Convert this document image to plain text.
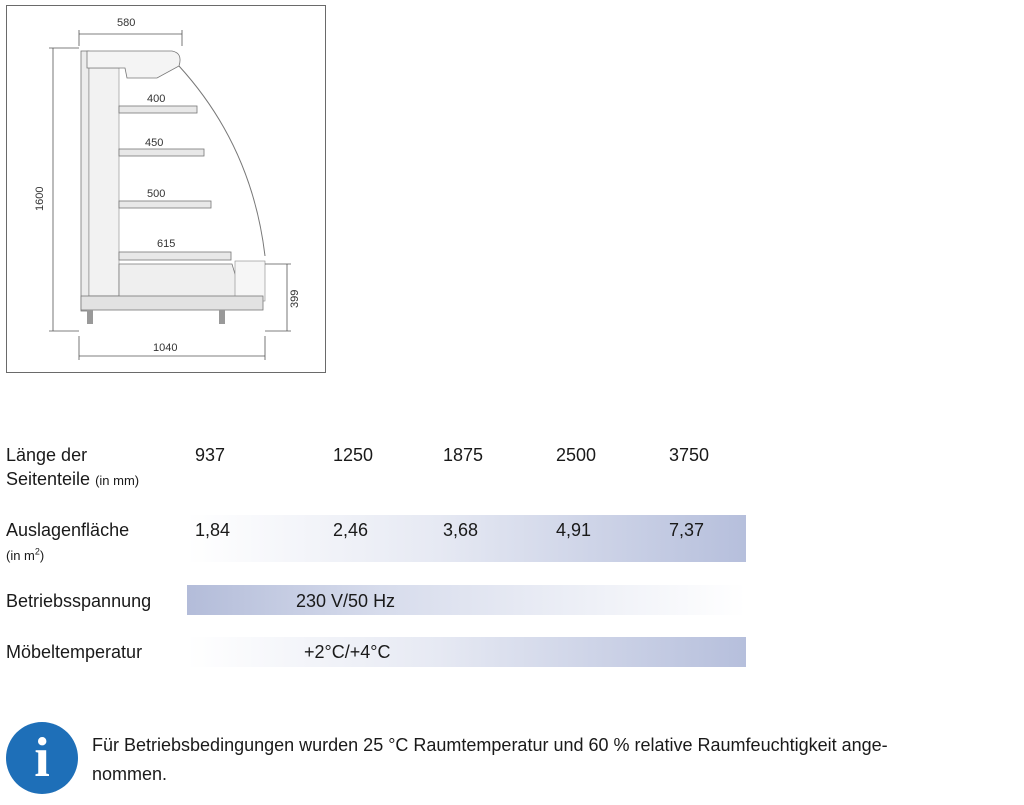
580
1600
400
450
500
615
399
1040
Länge der
Seitenteile (in mm)
937	1250	1875	2500	3750
Auslagenfläche
(in $m^2$)
1,84	2,46	3,68	4,91	7,37
Betriebsspannung	230 V/50 Hz
Möbeltemperatur	+2°C/+4°C
i	Für Betriebsbedingungen wurden 25 °C Raumtemperatur und 60 % relative Raumfeuchtigkeit ange-
nommen.
